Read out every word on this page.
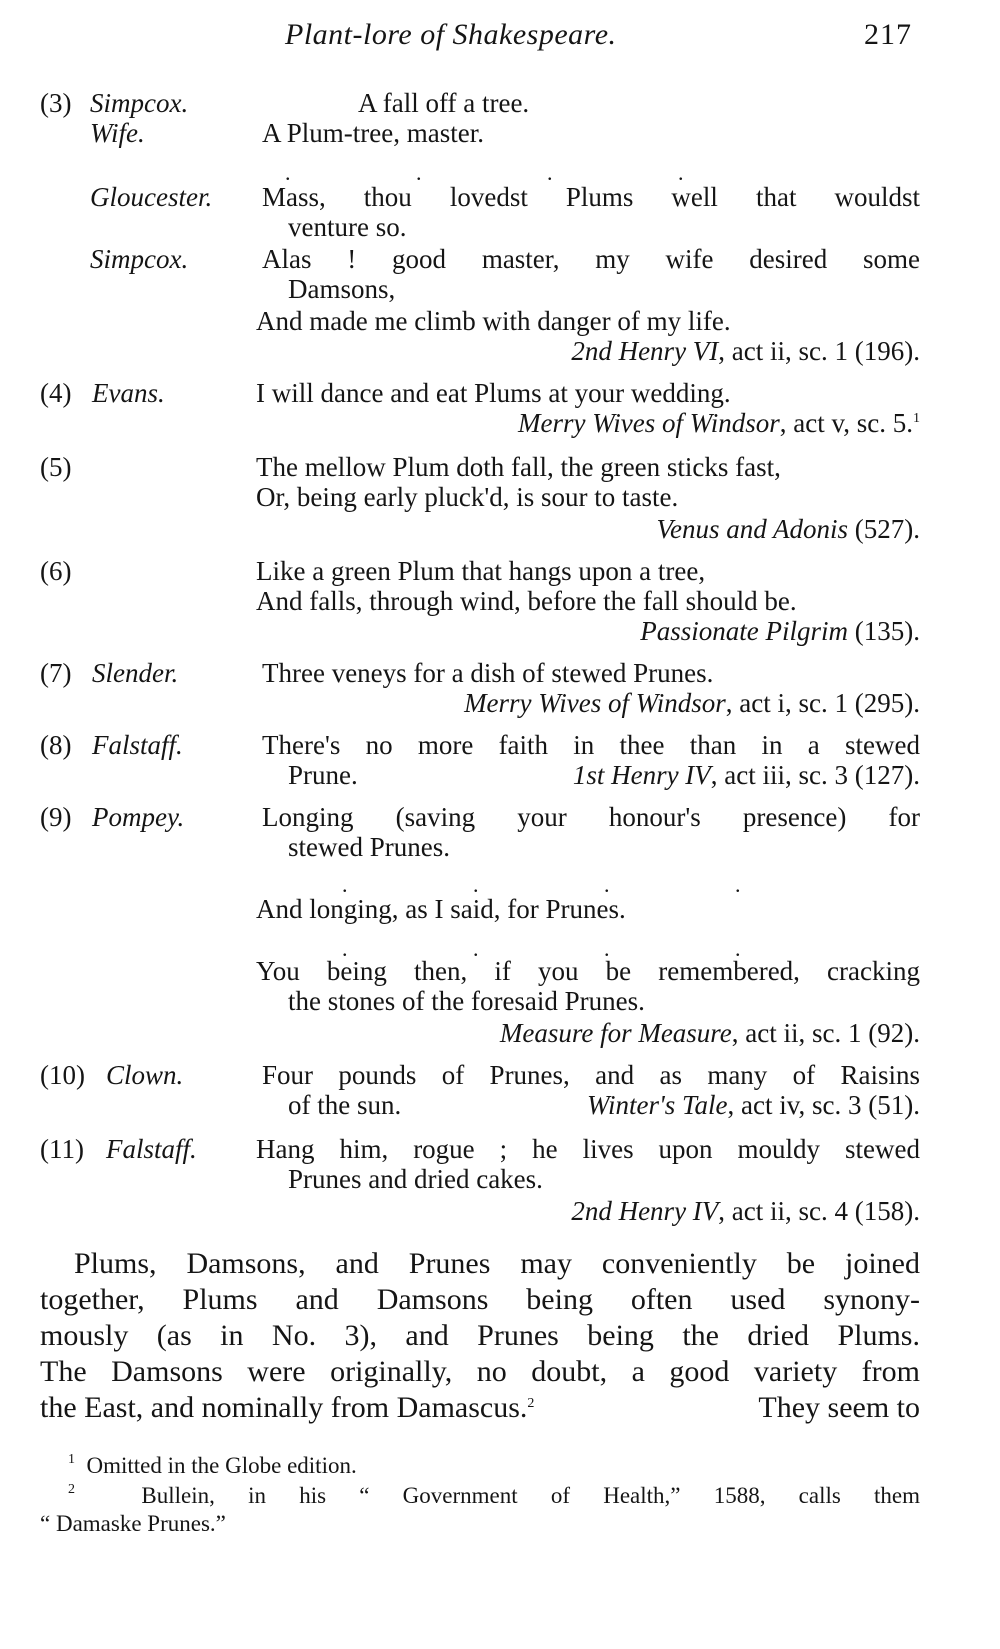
Plant-lore of Shakespeare.	217
(3) Simpcox.	A fall off a tree.
Wife.	A Plum-tree, master.
. . . .
Gloucester. Mass, thou lovedst Plums well that wouldst
venture so.
Simpcox.	Alas ! good master, my wife desired some
Damsons,
And made me climb with danger of my life.
2nd Henry VI, act ii, sc. 1 (196).
(4) Evans.	I will dance and eat Plums at your wedding.
Merry Wives of Windsor, act v, sc. 5.$^1$
(5)	The mellow Plum doth fall, the green sticks fast,
Or, being early pluck'd, is sour to taste.
Venus and Adonis (527).
(6)	Like a green Plum that hangs upon a tree,
And falls, through wind, before the fall should be.
Passionate Pilgrim (135).
(7) Slender.	Three veneys for a dish of stewed Prunes.
Merry Wives of Windsor, act i, sc. 1 (295).
(8) Falstaff.	There's no more faith in thee than in a stewed
Prune.	1st Henry IV, act iii, sc. 3 (127).
(9) Pompey.	Longing (saving your honour's presence) for
stewed Prunes.
. . . .
And longing, as I said, for Prunes.
. . . .
You being then, if you be remembered, cracking
the stones of the foresaid Prunes.
Measure for Measure, act ii, sc. 1 (92).
(10) Clown.	Four pounds of Prunes, and as many of Raisins
of the sun.	Winter's Tale, act iv, sc. 3 (51).
(11) Falstaff. Hang him, rogue ; he lives upon mouldy stewed
Prunes and dried cakes.
2nd Henry IV, act ii, sc. 4 (158).
Plums, Damsons, and Prunes may conveniently be joined
together, Plums and Damsons being often used synony-
mously (as in No. 3), and Prunes being the dried Plums.
The Damsons were originally, no doubt, a good variety from
the East, and nominally from Damascus.$^2$	They seem to
$^1$ Omitted in the Globe edition.
$^2$	Bullein, in his “ Government of Health,” 1588, calls them
“ Damaske Prunes.”
